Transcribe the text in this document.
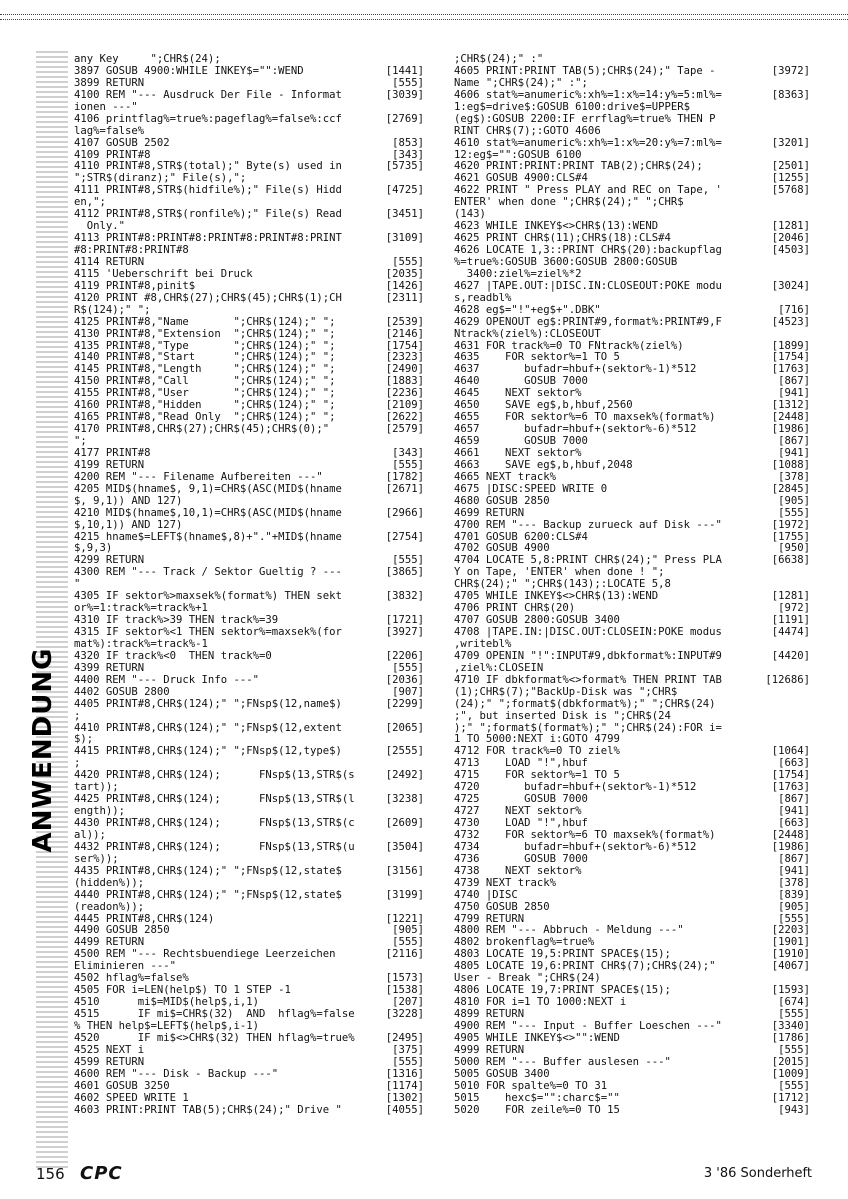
ANWENDUNG
any Key     ";CHR$(24);
3897 GOSUB 4900:WHILE INKEY$="":WEND	[1441]
3899 RETURN	[555]
4100 REM "--- Ausdruck Der File - Informat	[3039]
ionen ---"
4106 printflag%=true%:pageflag%=false%:ccf	[2769]
lag%=false%
4107 GOSUB 2502	[853]
4109 PRINT#8	[343]
4110 PRINT#8,STR$(total);" Byte(s) used in	[5735]
";STR$(diranz);" File(s),";
4111 PRINT#8,STR$(hidfile%);" File(s) Hidd	[4725]
en,";
4112 PRINT#8,STR$(ronfile%);" File(s) Read	[3451]
Only."
4113 PRINT#8:PRINT#8:PRINT#8:PRINT#8:PRINT	[3109]
#8:PRINT#8:PRINT#8
4114 RETURN	[555]
4115 'Ueberschrift bei Druck	[2035]
4119 PRINT#8,pinit$	[1426]
4120 PRINT #8,CHR$(27);CHR$(45);CHR$(1);CH	[2311]
R$(124);" ";
4125 PRINT#8,"Name       ";CHR$(124);" ";	[2539]
4130 PRINT#8,"Extension  ";CHR$(124);" ";	[2146]
4135 PRINT#8,"Type       ";CHR$(124);" ";	[1754]
4140 PRINT#8,"Start      ";CHR$(124);" ";	[2323]
4145 PRINT#8,"Length     ";CHR$(124);" ";	[2490]
4150 PRINT#8,"Call       ";CHR$(124);" ";	[1883]
4155 PRINT#8,"User       ";CHR$(124);" ";	[2236]
4160 PRINT#8,"Hidden     ";CHR$(124);" ";	[2109]
4165 PRINT#8,"Read Only  ";CHR$(124);" ";	[2622]
4170 PRINT#8,CHR$(27);CHR$(45);CHR$(0);"	[2579]
";
4177 PRINT#8	[343]
4199 RETURN	[555]
4200 REM "--- Filename Aufbereiten ---"	[1782]
4205 MID$(hname$, 9,1)=CHR$(ASC(MID$(hname	[2671]
$, 9,1)) AND 127)
4210 MID$(hname$,10,1)=CHR$(ASC(MID$(hname	[2966]
$,10,1)) AND 127)
4215 hname$=LEFT$(hname$,8)+"."+MID$(hname	[2754]
$,9,3)
4299 RETURN	[555]
4300 REM "--- Track / Sektor Gueltig ? ---	[3865]
"
4305 IF sektor%>maxsek%(format%) THEN sekt	[3832]
or%=1:track%=track%+1
4310 IF track%>39 THEN track%=39	[1721]
4315 IF sektor%<1 THEN sektor%=maxsek%(for	[3927]
mat%):track%=track%-1
4320 IF track%<0  THEN track%=0	[2206]
4399 RETURN	[555]
4400 REM "--- Druck Info ---"	[2036]
4402 GOSUB 2800	[907]
4405 PRINT#8,CHR$(124);" ";FNsp$(12,name$)	[2299]
;
4410 PRINT#8,CHR$(124);" ";FNsp$(12,extent	[2065]
$);
4415 PRINT#8,CHR$(124);" ";FNsp$(12,type$)	[2555]
;
4420 PRINT#8,CHR$(124);      FNsp$(13,STR$(s	[2492]
tart));
4425 PRINT#8,CHR$(124);      FNsp$(13,STR$(l	[3238]
ength));
4430 PRINT#8,CHR$(124);      FNsp$(13,STR$(c	[2609]
al));
4432 PRINT#8,CHR$(124);      FNsp$(13,STR$(u	[3504]
ser%));
4435 PRINT#8,CHR$(124);" ";FNsp$(12,state$	[3156]
(hidden%));
4440 PRINT#8,CHR$(124);" ";FNsp$(12,state$	[3199]
(readon%));
4445 PRINT#8,CHR$(124)	[1221]
4490 GOSUB 2850	[905]
4499 RETURN	[555]
4500 REM "--- Rechtsbuendiege Leerzeichen	[2116]
Eliminieren ---"
4502 hflag%=false%	[1573]
4505 FOR i=LEN(help$) TO 1 STEP -1	[1538]
4510      mi$=MID$(help$,i,1)	[207]
4515      IF mi$=CHR$(32)  AND  hflag%=false	[3228]
% THEN help$=LEFT$(help$,i-1)
4520      IF mi$<>CHR$(32) THEN hflag%=true%	[2495]
4525 NEXT i	[375]
4599 RETURN	[555]
4600 REM "--- Disk - Backup ---"	[1316]
4601 GOSUB 3250	[1174]
4602 SPEED WRITE 1	[1302]
4603 PRINT:PRINT TAB(5);CHR$(24);" Drive "	[4055]
;CHR$(24);" :"
4605 PRINT:PRINT TAB(5);CHR$(24);" Tape -	[3972]
Name ";CHR$(24);" :";
4606 stat%=anumeric%:xh%=1:x%=14:y%=5:ml%=	[8363]
1:eg$=drive$:GOSUB 6100:drive$=UPPER$
(eg$):GOSUB 2200:IF errflag%=true% THEN P
RINT CHR$(7);:GOTO 4606
4610 stat%=anumeric%:xh%=1:x%=20:y%=7:ml%=	[3201]
12:eg$="":GOSUB 6100
4620 PRINT:PRINT:PRINT TAB(2);CHR$(24);	[2501]
4621 GOSUB 4900:CLS#4	[1255]
4622 PRINT " Press PLAY and REC on Tape, '	[5768]
ENTER' when done ";CHR$(24);" ";CHR$
(143)
4623 WHILE INKEY$<>CHR$(13):WEND	[1281]
4625 PRINT CHR$(11);CHR$(18):CLS#4	[2046]
4626 LOCATE 1,3::PRINT CHR$(20):backupflag	[4503]
%=true%:GOSUB 3600:GOSUB 2800:GOSUB
3400:ziel%=ziel%*2
4627 |TAPE.OUT:|DISC.IN:CLOSEOUT:POKE modu	[3024]
s,readbl%
4628 eg$="!"+eg$+".DBK"	[716]
4629 OPENOUT eg$:PRINT#9,format%:PRINT#9,F	[4523]
Ntrack%(ziel%):CLOSEOUT
4631 FOR track%=0 TO FNtrack%(ziel%)	[1899]
4635    FOR sektor%=1 TO 5	[1754]
4637       bufadr=hbuf+(sektor%-1)*512	[1763]
4640       GOSUB 7000	[867]
4645    NEXT sektor%	[941]
4650    SAVE eg$,b,hbuf,2560	[1312]
4655    FOR sektor%=6 TO maxsek%(format%)	[2448]
4657       bufadr=hbuf+(sektor%-6)*512	[1986]
4659       GOSUB 7000	[867]
4661    NEXT sektor%	[941]
4663    SAVE eg$,b,hbuf,2048	[1088]
4665 NEXT track%	[378]
4675 |DISC:SPEED WRITE 0	[2845]
4680 GOSUB 2850	[905]
4699 RETURN	[555]
4700 REM "--- Backup zurueck auf Disk ---"	[1972]
4701 GOSUB 6200:CLS#4	[1755]
4702 GOSUB 4900	[950]
4704 LOCATE 5,8:PRINT CHR$(24);" Press PLA	[6638]
Y on Tape, 'ENTER' when done ! ";
CHR$(24);" ";CHR$(143);:LOCATE 5,8
4705 WHILE INKEY$<>CHR$(13):WEND	[1281]
4706 PRINT CHR$(20)	[972]
4707 GOSUB 2800:GOSUB 3400	[1191]
4708 |TAPE.IN:|DISC.OUT:CLOSEIN:POKE modus	[4474]
,writebl%
4709 OPENIN "!":INPUT#9,dbkformat%:INPUT#9	[4420]
,ziel%:CLOSEIN
4710 IF dbkformat%<>format% THEN PRINT TAB	[12686]
(1);CHR$(7);"BackUp-Disk was ";CHR$
(24);" ";format$(dbkformat%);" ";CHR$(24)
;", but inserted Disk is ";CHR$(24
);" ";format$(format%);" ";CHR$(24):FOR i=
1 TO 5000:NEXT i:GOTO 4799
4712 FOR track%=0 TO ziel%	[1064]
4713    LOAD "!",hbuf	[663]
4715    FOR sektor%=1 TO 5	[1754]
4720       bufadr=hbuf+(sektor%-1)*512	[1763]
4725       GOSUB 7000	[867]
4727    NEXT sektor%	[941]
4730    LOAD "!",hbuf	[663]
4732    FOR sektor%=6 TO maxsek%(format%)	[2448]
4734       bufadr=hbuf+(sektor%-6)*512	[1986]
4736       GOSUB 7000	[867]
4738    NEXT sektor%	[941]
4739 NEXT track%	[378]
4740 |DISC	[839]
4750 GOSUB 2850	[905]
4799 RETURN	[555]
4800 REM "--- Abbruch - Meldung ---"	[2203]
4802 brokenflag%=true%	[1901]
4803 LOCATE 19,5:PRINT SPACE$(15);	[1910]
4805 LOCATE 19,6:PRINT CHR$(7);CHR$(24);"	[4067]
User - Break ";CHR$(24)
4806 LOCATE 19,7:PRINT SPACE$(15);	[1593]
4810 FOR i=1 TO 1000:NEXT i	[674]
4899 RETURN	[555]
4900 REM "--- Input - Buffer Loeschen ---"	[3340]
4905 WHILE INKEY$<>"":WEND	[1786]
4999 RETURN	[555]
5000 REM "--- Buffer auslesen ---"	[2015]
5005 GOSUB 3400	[1009]
5010 FOR spalte%=0 TO 31	[555]
5015    hexc$="":charc$=""	[1712]
5020    FOR zeile%=0 TO 15	[943]
156 CPC	3 '86 Sonderheft
